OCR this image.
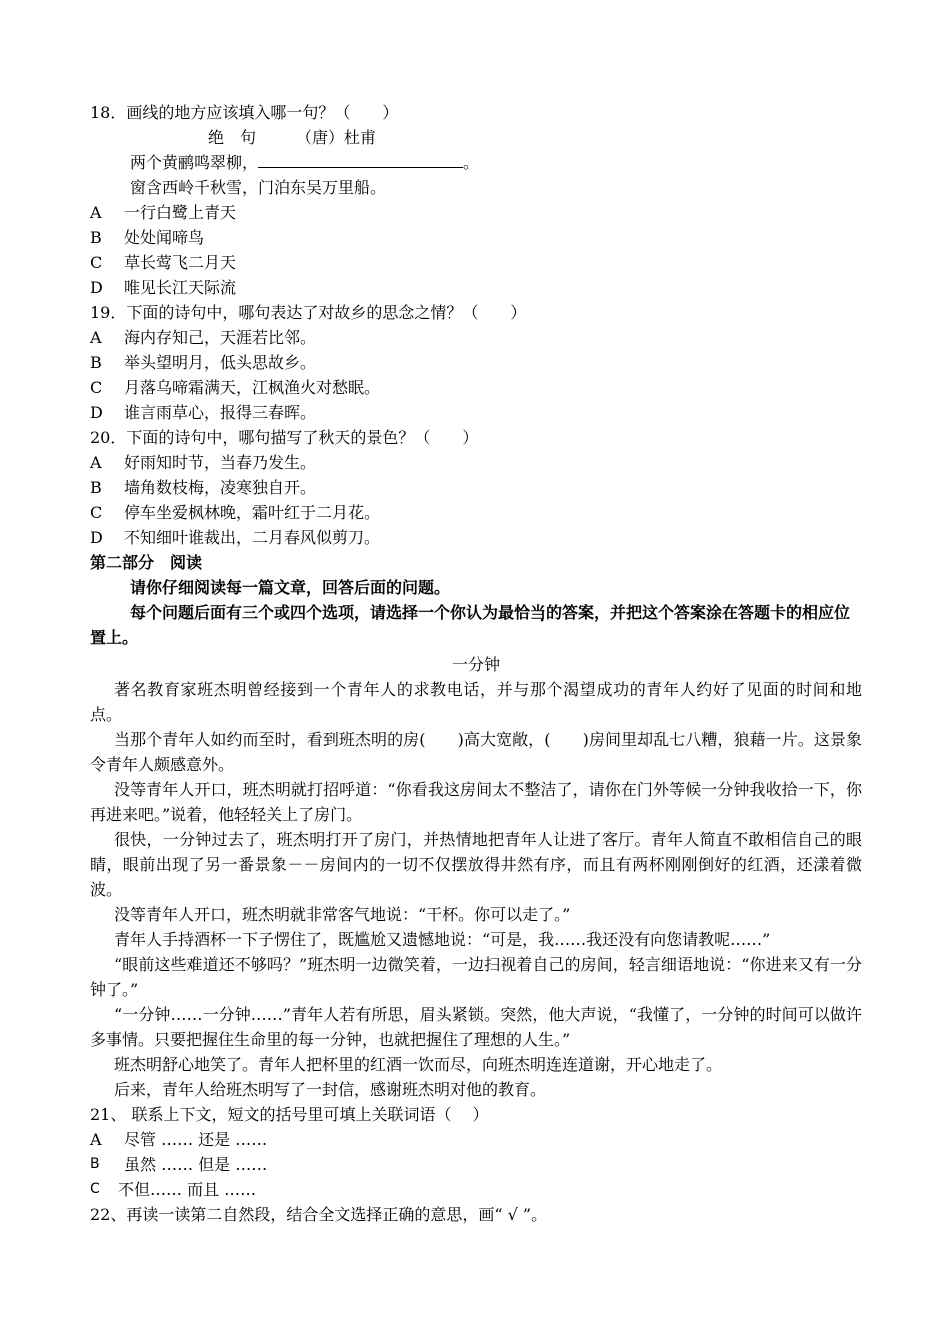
18．画线的地方应该填入哪一句？（　　）
绝　句	（唐）杜甫
两个黄鹂鸣翠柳，	。
窗含西岭千秋雪，门泊东吴万里船。
A	一行白鹭上青天
B	处处闻啼鸟
C	草长莺飞二月天
D	唯见长江天际流
19．下面的诗句中，哪句表达了对故乡的思念之情？（　　）
A	海内存知己，天涯若比邻。
B	举头望明月，低头思故乡。
C	月落乌啼霜满天，江枫渔火对愁眠。
D	谁言雨草心，报得三春晖。
20．下面的诗句中，哪句描写了秋天的景色？（　　）
A	好雨知时节，当春乃发生。
B	墙角数枝梅，凌寒独自开。
C	停车坐爱枫林晚，霜叶红于二月花。
D	不知细叶谁裁出，二月春风似剪刀。
第二部分　阅读
请你仔细阅读每一篇文章，回答后面的问题。
每个问题后面有三个或四个选项，请选择一个你认为最恰当的答案，并把这个答案涂在答题卡的相应位置上。
一分钟

著名教育家班杰明曾经接到一个青年人的求教电话，并与那个渴望成功的青年人约好了见面的时间和地点。

当那个青年人如约而至时，看到班杰明的房(　　)高大宽敞，(　　)房间里却乱七八糟，狼藉一片。这景象令青年人颇感意外。

没等青年人开口，班杰明就打招呼道：“你看我这房间太不整洁了，请你在门外等候一分钟我收拾一下，你再进来吧。”说着，他轻轻关上了房门。

很快，一分钟过去了，班杰明打开了房门，并热情地把青年人让进了客厅。青年人简直不敢相信自己的眼睛，眼前出现了另一番景象－－房间内的一切不仅摆放得井然有序，而且有两杯刚刚倒好的红酒，还漾着微波。

没等青年人开口，班杰明就非常客气地说：“干杯。你可以走了。”

青年人手持酒杯一下子愣住了，既尴尬又遗憾地说：“可是，我……我还没有向您请教呢……”

“眼前这些难道还不够吗？”班杰明一边微笑着，一边扫视着自己的房间，轻言细语地说：“你进来又有一分钟了。”

“一分钟……一分钟……”青年人若有所思，眉头紧锁。突然，他大声说，“我懂了，一分钟的时间可以做许多事情。只要把握住生命里的每一分钟，也就把握住了理想的人生。”

班杰明舒心地笑了。青年人把杯里的红酒一饮而尽，向班杰明连连道谢，开心地走了。

后来，青年人给班杰明写了一封信，感谢班杰明对他的教育。

21、 联系上下文，短文的括号里可填上关联词语（　 ）
A	尽管 …… 还是 ……
B	虽然 …… 但是 ……
C	不但…… 而且 ……
22、再读一读第二自然段，结合全文选择正确的意思，画“ √ ”。
